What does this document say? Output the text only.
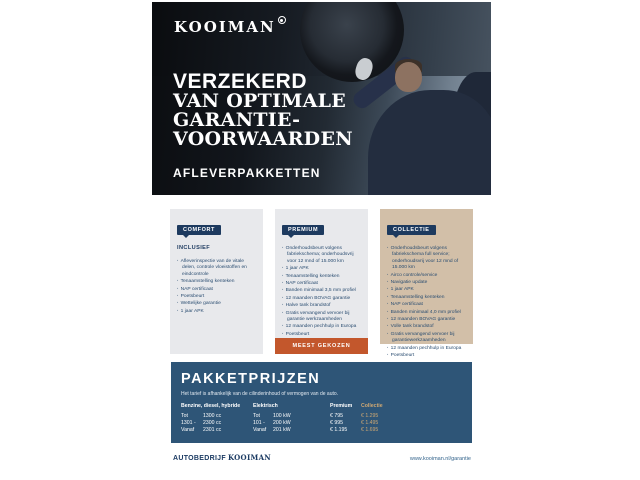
KOOIMAN
VERZEKERD
VAN OPTIMALE
GARANTIE-
VOORWAARDEN
AFLEVERPAKKETTEN
COMFORT
INCLUSIEF
· Afleverinspectie van de vitale delen, controle vloeistoffen en eindcontrole
· Tenaamstelling kenteken
· NAP certificaat
· Poetsbeurt
· Wettelijke garantie
· 1 jaar APK
PREMIUM
· Onderhoudsbeurt volgens fabriekschema; onderhoudsvrij voor 12 mnd of 15.000 km
· 1 jaar APK
· Tenaamstelling kenteken
· NAP certificaat
· Banden minimaal 3,5 mm profiel
· 12 maanden BOVAG garantie
· Halve tank brandstof
· Gratis vervangend vervoer bij garantie werkzaamheden
· 12 maanden pechhulp in Europa
· Poetsbeurt
MEEST GEKOZEN
COLLECTIE
· Onderhoudsbeurt volgens fabriekschema full service; onderhoudsvrij voor 12 mnd of 15.000 km
· Airco controle/service
· Navigatie update
· 1 jaar APK
· Tenaamstelling kenteken
· NAP certificaat
· Banden minimaal 4,0 mm profiel
· 12 maanden BOVAG garantie
· Volle tank brandstof
· Gratis vervangend vervoer bij garantiewerkzaamheden
· 12 maanden pechhulp in Europa
· Poetsbeurt
PAKKETPRIJZEN
Het tarief is afhankelijk van de cilinderinhoud of vermogen van de auto.
Benzine, diesel, hybride	Elektrisch	Premium	Collectie
Tot	1300 cc	Tot	100 kW	€ 795	€ 1.295
1301 - 2300 cc	101 - 200 kW	€ 995	€ 1.495
Vanaf 2301 cc	Vanaf 201 kW	€ 1.195	€ 1.695
AUTOBEDRIJF KOOIMAN	www.kooiman.nl/garantie
